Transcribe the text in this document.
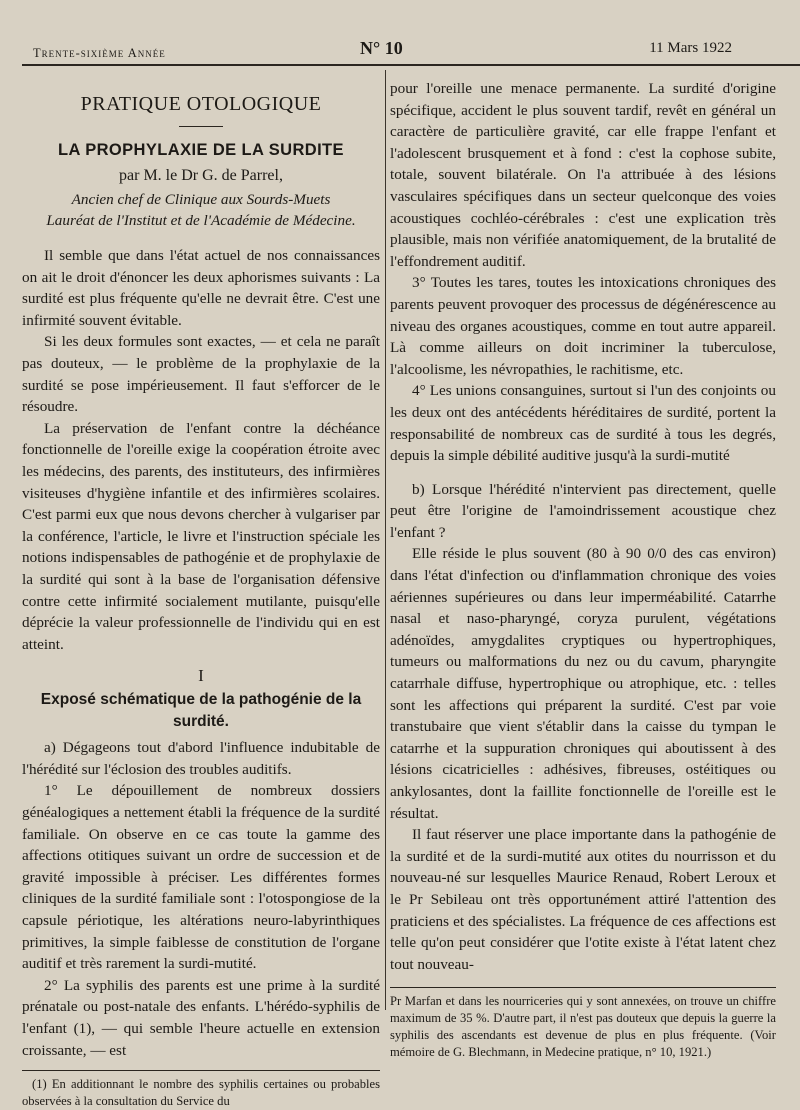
Trente-sixième Année	N° 10	11 Mars 1922
PRATIQUE OTOLOGIQUE
LA PROPHYLAXIE DE LA SURDITE
par M. le Dr G. de Parrel,
Ancien chef de Clinique aux Sourds-Muets
Lauréat de l'Institut et de l'Académie de Médecine.

Il semble que dans l'état actuel de nos connaissances on ait le droit d'énoncer les deux aphorismes suivants : La surdité est plus fréquente qu'elle ne devrait être. C'est une infirmité souvent évitable.

Si les deux formules sont exactes, — et cela ne paraît pas douteux, — le problème de la prophylaxie de la surdité se pose impérieusement. Il faut s'efforcer de le résoudre.

La préservation de l'enfant contre la déchéance fonctionnelle de l'oreille exige la coopération étroite avec les médecins, des parents, des instituteurs, des infirmières visiteuses d'hygiène infantile et des infirmières scolaires. C'est parmi eux que nous devons chercher à vulgariser par la conférence, l'article, le livre et l'instruction spéciale les notions indispensables de pathogénie et de prophylaxie de la surdité qui sont à la base de l'organisation défensive contre cette infirmité socialement mutilante, puisqu'elle déprécie la valeur professionnelle de l'individu qui en est atteint.

I
Exposé schématique de la pathogénie de la surdité.

a) Dégageons tout d'abord l'influence indubitable de l'hérédité sur l'éclosion des troubles auditifs.

1° Le dépouillement de nombreux dossiers généalogiques a nettement établi la fréquence de la surdité familiale. On observe en ce cas toute la gamme des affections otitiques suivant un ordre de succession et de gravité impossible à préciser. Les différentes formes cliniques de la surdité familiale sont : l'otospongiose de la capsule périotique, les altérations neuro-labyrinthiques primitives, la simple faiblesse de constitution de l'organe auditif et très rarement la surdi-mutité.

2° La syphilis des parents est une prime à la surdité prénatale ou post-natale des enfants. L'hérédo-syphilis de l'enfant (1), — qui semble l'heure actuelle en extension croissante, — est

(1) En additionnant le nombre des syphilis certaines ou probables observées à la consultation du Service du

pour l'oreille une menace permanente. La surdité d'origine spécifique, accident le plus souvent tardif, revêt en général un caractère de particulière gravité, car elle frappe l'enfant et l'adolescent brusquement et à fond : c'est la cophose subite, totale, souvent bilatérale. On l'a attribuée à des lésions vasculaires spécifiques dans un secteur quelconque des voies acoustiques cochléo-cérébrales : c'est une explication très plausible, mais non vérifiée anatomiquement, de la brutalité de l'effondrement auditif.

3° Toutes les tares, toutes les intoxications chroniques des parents peuvent provoquer des processus de dégénérescence au niveau des organes acoustiques, comme en tout autre appareil. Là comme ailleurs on doit incriminer la tuberculose, l'alcoolisme, les névropathies, le rachitisme, etc.

4° Les unions consanguines, surtout si l'un des conjoints ou les deux ont des antécédents héréditaires de surdité, portent la responsabilité de nombreux cas de surdité à tous les degrés, depuis la simple débilité auditive jusqu'à la surdi-mutité

b) Lorsque l'hérédité n'intervient pas directement, quelle peut être l'origine de l'amoindrissement acoustique chez l'enfant ?

Elle réside le plus souvent (80 à 90 0/0 des cas environ) dans l'état d'infection ou d'inflammation chronique des voies aériennes supérieures ou dans leur imperméabilité. Catarrhe nasal et naso-pharyngé, coryza purulent, végétations adénoïdes, amygdalites cryptiques ou hypertrophiques, tumeurs ou malformations du nez ou du cavum, pharyngite catarrhale diffuse, hypertrophique ou atrophique, etc. : telles sont les affections qui préparent la surdité. C'est par voie transtubaire que vient s'établir dans la caisse du tympan le catarrhe et la suppuration chroniques qui aboutissent à des lésions cicatricielles : adhésives, fibreuses, ostéitiques ou ankylosantes, dont la faillite fonctionnelle de l'oreille est le résultat.

Il faut réserver une place importante dans la pathogénie de la surdité et de la surdi-mutité aux otites du nourrisson et du nouveau-né sur lesquelles Maurice Renaud, Robert Leroux et le Pr Sebileau ont très opportunément attiré l'attention des praticiens et des spécialistes. La fréquence de ces affections est telle qu'on peut considérer que l'otite existe à l'état latent chez tout nouveau-

Pr Marfan et dans les nourriceries qui y sont annexées, on trouve un chiffre maximum de 35 %. D'autre part, il n'est pas douteux que depuis la guerre la syphilis des ascendants est devenue de plus en plus fréquente. (Voir mémoire de G. Blechmann, in Medecine pratique, n° 10, 1921.)
